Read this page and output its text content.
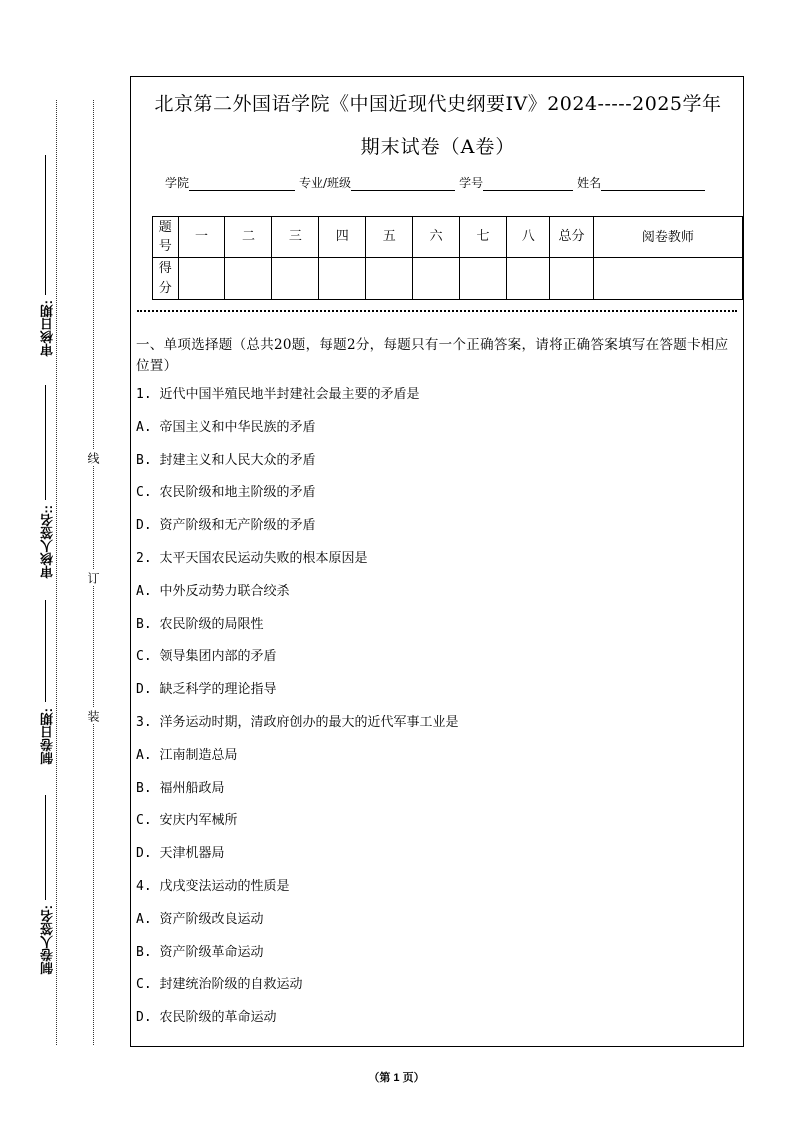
审核日期:
审核人签名::
制卷日期:
制卷人签名:
线
订
装
北京第二外国语学院《中国近现代史纲要IV》2024-----2025学年
期末试卷（A卷）
学院	专业/班级	学号	姓名
题号	一	二	三	四	五	六	七	八	总分	阅卷教师
得分										
一、单项选择题（总共20题，每题2分，每题只有一个正确答案，请将正确答案填写在答题卡相应位置）
1. 近代中国半殖民地半封建社会最主要的矛盾是
A. 帝国主义和中华民族的矛盾
B. 封建主义和人民大众的矛盾
C. 农民阶级和地主阶级的矛盾
D. 资产阶级和无产阶级的矛盾
2. 太平天国农民运动失败的根本原因是
A. 中外反动势力联合绞杀
B. 农民阶级的局限性
C. 领导集团内部的矛盾
D. 缺乏科学的理论指导
3. 洋务运动时期，清政府创办的最大的近代军事工业是
A. 江南制造总局
B. 福州船政局
C. 安庆内军械所
D. 天津机器局
4. 戊戌变法运动的性质是
A. 资产阶级改良运动
B. 资产阶级革命运动
C. 封建统治阶级的自救运动
D. 农民阶级的革命运动
（第 1 页）
